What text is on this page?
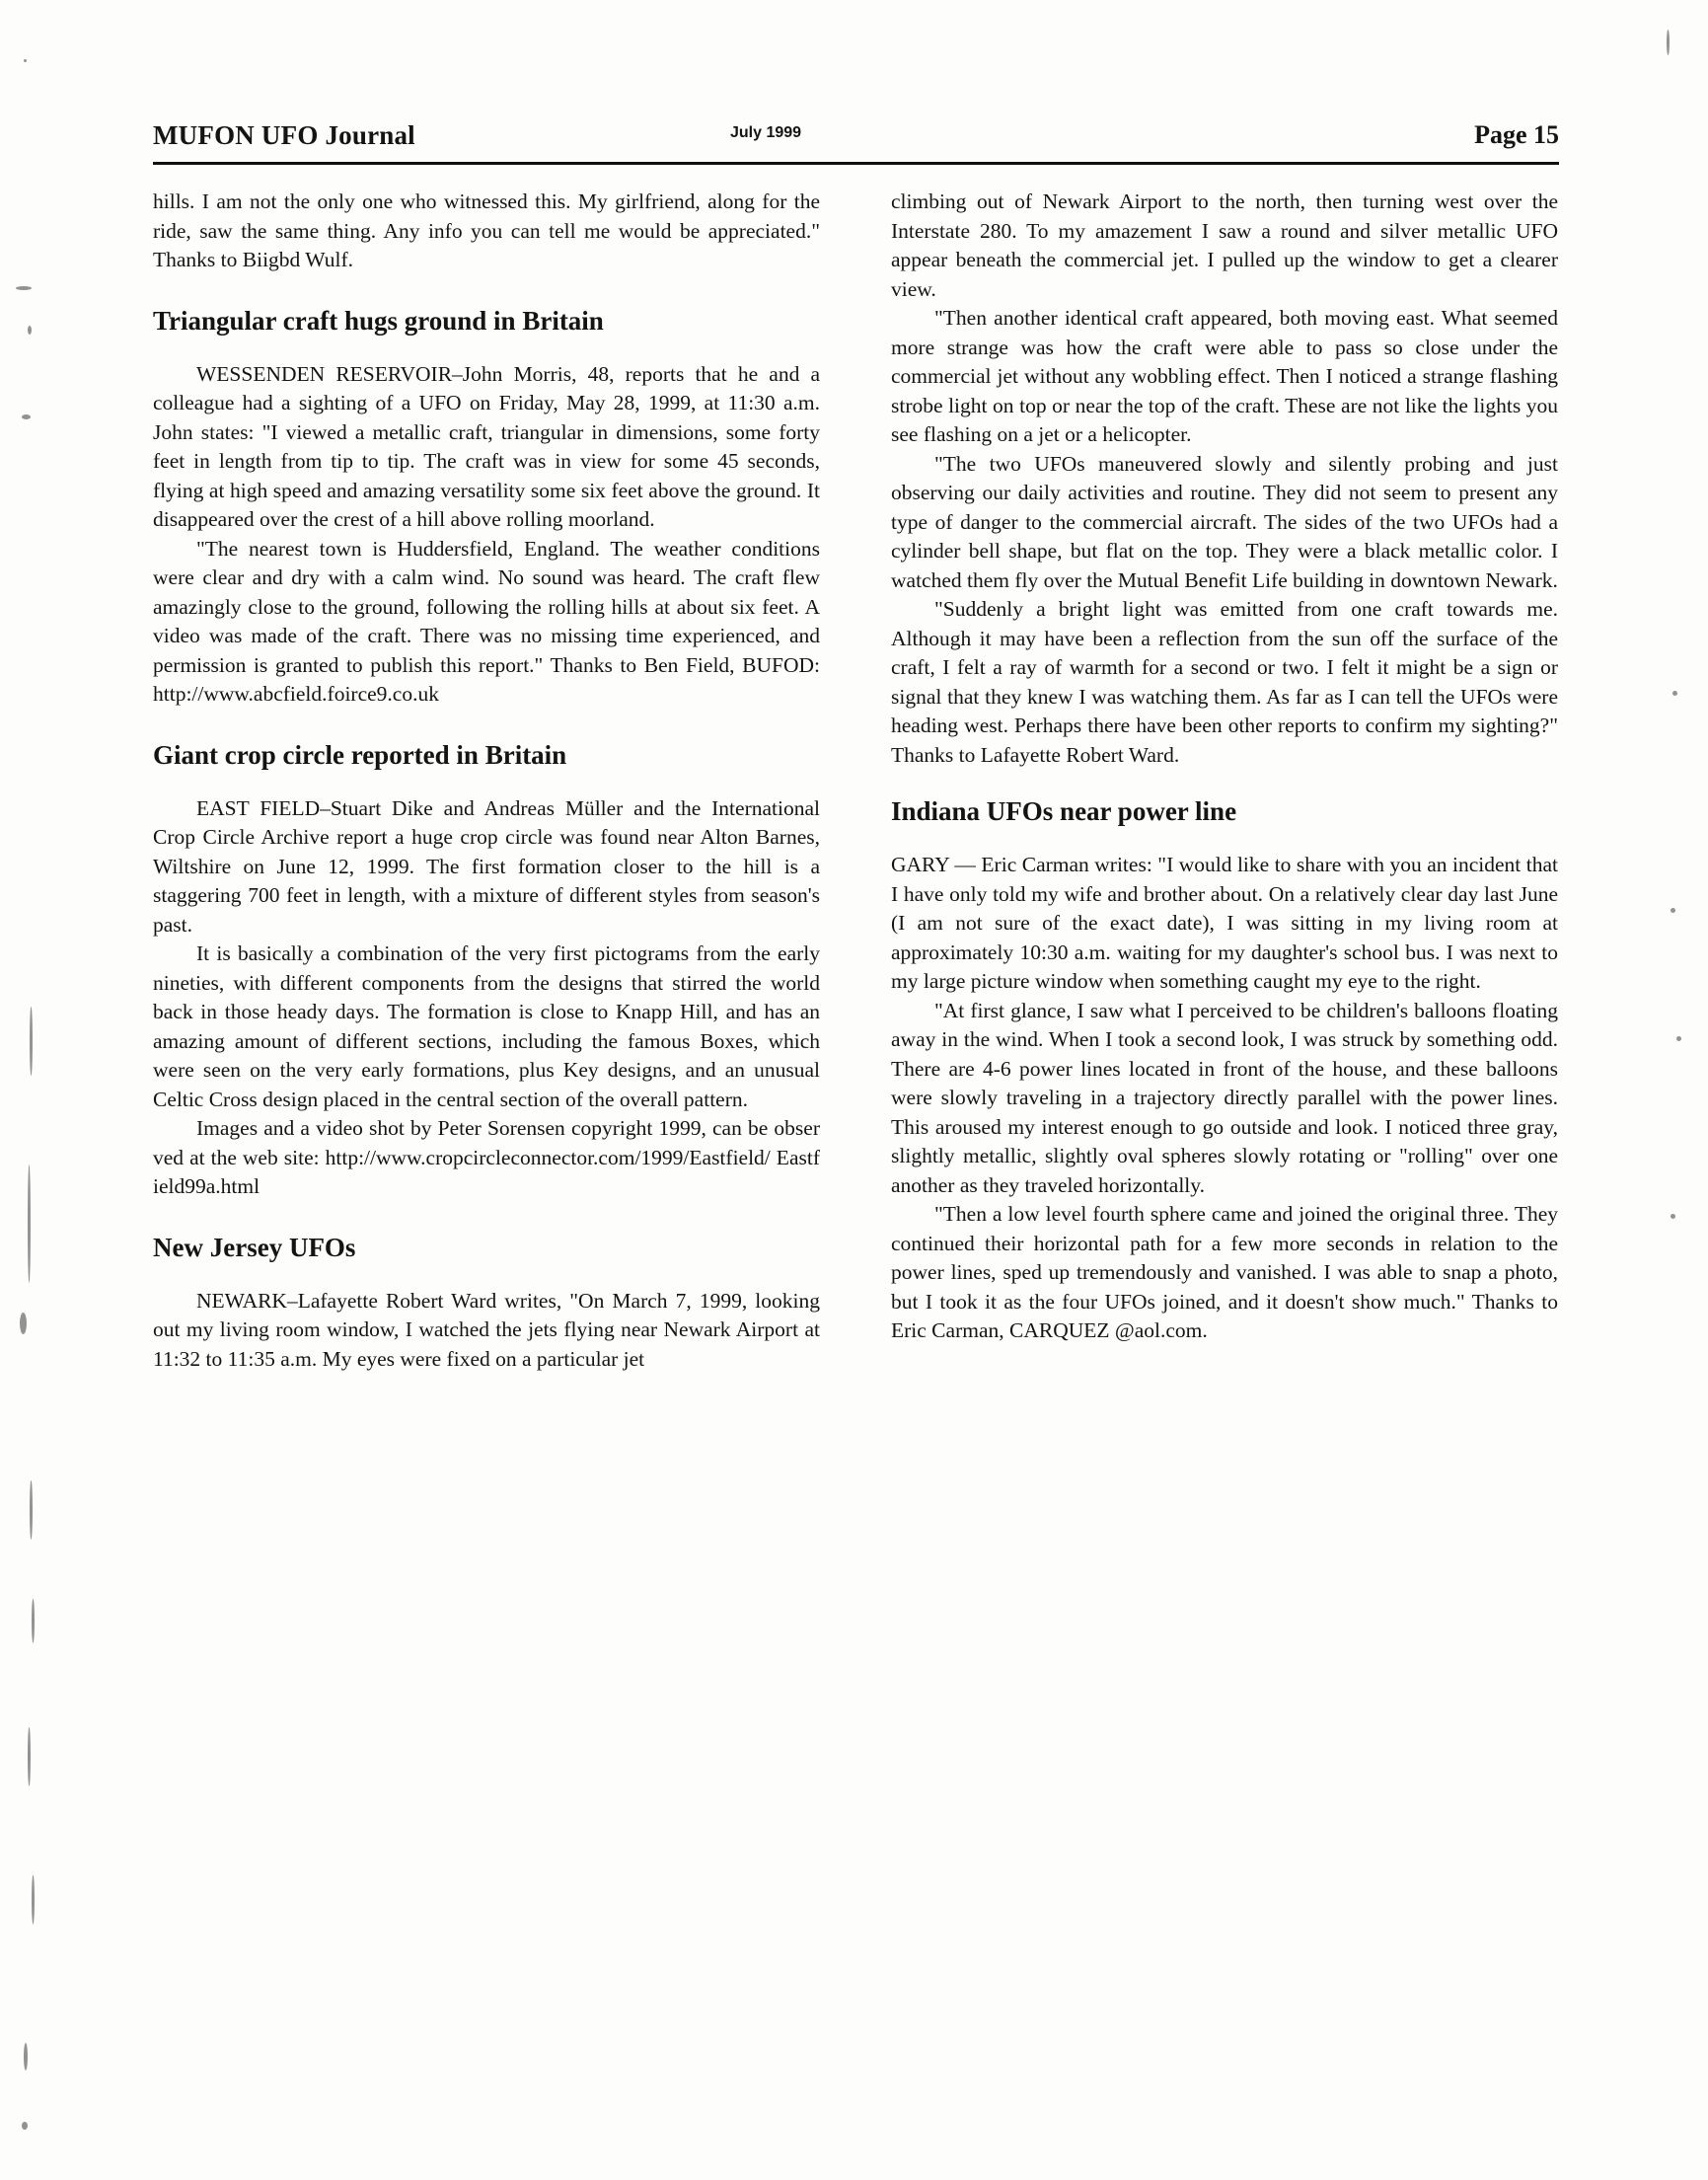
MUFON UFO Journal	July 1999	Page 15

hills. I am not the only one who witnessed this. My girlfriend, along for the ride, saw the same thing. Any info you can tell me would be appreciated." Thanks to Biigbd Wulf.

Triangular craft hugs ground in Britain

WESSENDEN RESERVOIR–John Morris, 48, reports that he and a colleague had a sighting of a UFO on Friday, May 28, 1999, at 11:30 a.m. John states: "I viewed a metallic craft, triangular in dimensions, some forty feet in length from tip to tip. The craft was in view for some 45 seconds, flying at high speed and amazing versatility some six feet above the ground. It disappeared over the crest of a hill above rolling moorland.

"The nearest town is Huddersfield, England. The weather conditions were clear and dry with a calm wind. No sound was heard. The craft flew amazingly close to the ground, following the rolling hills at about six feet. A video was made of the craft. There was no missing time experienced, and permission is granted to publish this report." Thanks to Ben Field, BUFOD: http://www.abcfield.foirce9.co.uk

Giant crop circle reported in Britain

EAST FIELD–Stuart Dike and Andreas Müller and the International Crop Circle Archive report a huge crop circle was found near Alton Barnes, Wiltshire on June 12, 1999. The first formation closer to the hill is a staggering 700 feet in length, with a mixture of different styles from season's past.

It is basically a combination of the very first pictograms from the early nineties, with different components from the designs that stirred the world back in those heady days. The formation is close to Knapp Hill, and has an amazing amount of different sections, including the famous Boxes, which were seen on the very early formations, plus Key designs, and an unusual Celtic Cross design placed in the central section of the overall pattern.

Images and a video shot by Peter Sorensen copyright 1999, can be observed at the web site: http://www.cropcircleconnector.com/1999/Eastfield/ Eastfield99a.html

New Jersey UFOs

NEWARK–Lafayette Robert Ward writes, "On March 7, 1999, looking out my living room window, I watched the jets flying near Newark Airport at 11:32 to 11:35 a.m. My eyes were fixed on a particular jet

climbing out of Newark Airport to the north, then turning west over the Interstate 280. To my amazement I saw a round and silver metallic UFO appear beneath the commercial jet. I pulled up the window to get a clearer view.

"Then another identical craft appeared, both moving east. What seemed more strange was how the craft were able to pass so close under the commercial jet without any wobbling effect. Then I noticed a strange flashing strobe light on top or near the top of the craft. These are not like the lights you see flashing on a jet or a helicopter.

"The two UFOs maneuvered slowly and silently probing and just observing our daily activities and routine. They did not seem to present any type of danger to the commercial aircraft. The sides of the two UFOs had a cylinder bell shape, but flat on the top. They were a black metallic color. I watched them fly over the Mutual Benefit Life building in downtown Newark.

"Suddenly a bright light was emitted from one craft towards me. Although it may have been a reflection from the sun off the surface of the craft, I felt a ray of warmth for a second or two. I felt it might be a sign or signal that they knew I was watching them. As far as I can tell the UFOs were heading west. Perhaps there have been other reports to confirm my sighting?" Thanks to Lafayette Robert Ward.

Indiana UFOs near power line

GARY — Eric Carman writes: "I would like to share with you an incident that I have only told my wife and brother about. On a relatively clear day last June (I am not sure of the exact date), I was sitting in my living room at approximately 10:30 a.m. waiting for my daughter's school bus. I was next to my large picture window when something caught my eye to the right.

"At first glance, I saw what I perceived to be children's balloons floating away in the wind. When I took a second look, I was struck by something odd. There are 4-6 power lines located in front of the house, and these balloons were slowly traveling in a trajectory directly parallel with the power lines. This aroused my interest enough to go outside and look. I noticed three gray, slightly metallic, slightly oval spheres slowly rotating or "rolling" over one another as they traveled horizontally.

"Then a low level fourth sphere came and joined the original three. They continued their horizontal path for a few more seconds in relation to the power lines, sped up tremendously and vanished. I was able to snap a photo, but I took it as the four UFOs joined, and it doesn't show much." Thanks to Eric Carman, CARQUEZ @aol.com.
